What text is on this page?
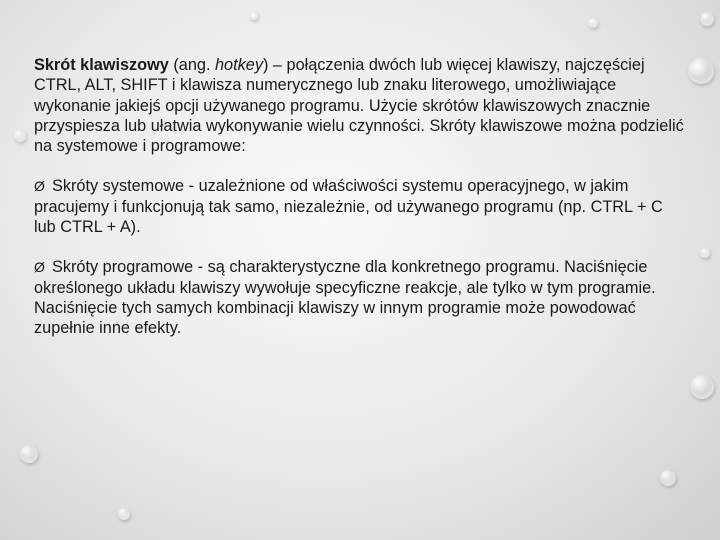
Skrót klawiszowy (ang. hotkey) – połączenia dwóch lub więcej klawiszy, najczęściej CTRL, ALT, SHIFT i klawisza numerycznego lub znaku literowego, umożliwiające wykonanie jakiejś opcji używanego programu. Użycie skrótów klawiszowych znacznie przyspiesza lub ułatwia wykonywanie wielu czynności. Skróty klawiszowe można podzielić na systemowe i programowe:

Ø Skróty systemowe - uzależnione od właściwości systemu operacyjnego, w jakim pracujemy i funkcjonują tak samo, niezależnie, od używanego programu (np. CTRL + C lub CTRL + A).

Ø Skróty programowe - są charakterystyczne dla konkretnego programu. Naciśnięcie określonego układu klawiszy wywołuje specyficzne reakcje, ale tylko w tym programie. Naciśnięcie tych samych kombinacji klawiszy w innym programie może powodować zupełnie inne efekty.
